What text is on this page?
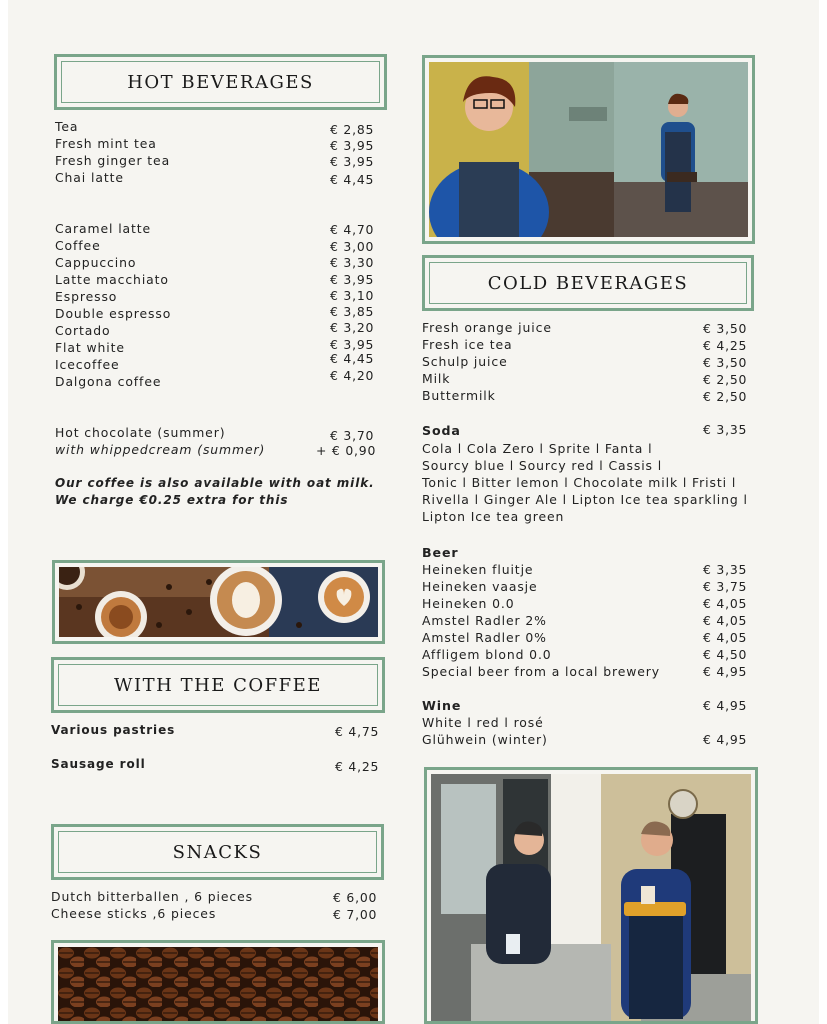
HOT BEVERAGES
Tea	€ 2,85
Fresh mint tea	€ 3,95
Fresh ginger tea	€ 3,95
Chai latte	€ 4,45
Caramel latte	€ 4,70
Coffee	€ 3,00
Cappuccino	€ 3,30
Latte macchiato	€ 3,95
Espresso	€ 3,10
Double espresso	€ 3,85
Cortado	€ 3,20
Flat white	€ 3,95
Icecoffee	€ 4,45
Dalgona coffee	€ 4,20
Hot chocolate (summer)	€ 3,70
with whippedcream (summer)	+ € 0,90
Our coffee is also available with oat milk.
We charge €0.25 extra for this
WITH THE COFFEE
Various pastries	€ 4,75
Sausage roll	€ 4,25
SNACKS
Dutch bitterballen , 6 pieces	€ 6,00
Cheese sticks ,6 pieces	€ 7,00
COLD BEVERAGES
Fresh orange juice	€ 3,50
Fresh ice tea	€ 4,25
Schulp juice	€ 3,50
Milk	€ 2,50
Buttermilk	€ 2,50
Soda	€ 3,35
Cola l Cola Zero l Sprite l Fanta l
Sourcy blue l Sourcy red l Cassis l
Tonic l Bitter lemon l Chocolate milk l Fristi l
Rivella l Ginger Ale l Lipton Ice tea sparkling l
Lipton Ice tea green
Beer
Heineken fluitje	€ 3,35
Heineken vaasje	€ 3,75
Heineken 0.0	€ 4,05
Amstel Radler 2%	€ 4,05
Amstel Radler 0%	€ 4,05
Affligem blond 0.0	€ 4,50
Special beer from a local brewery	€ 4,95
Wine	€ 4,95
White l red l rosé
Glühwein (winter)	€ 4,95
